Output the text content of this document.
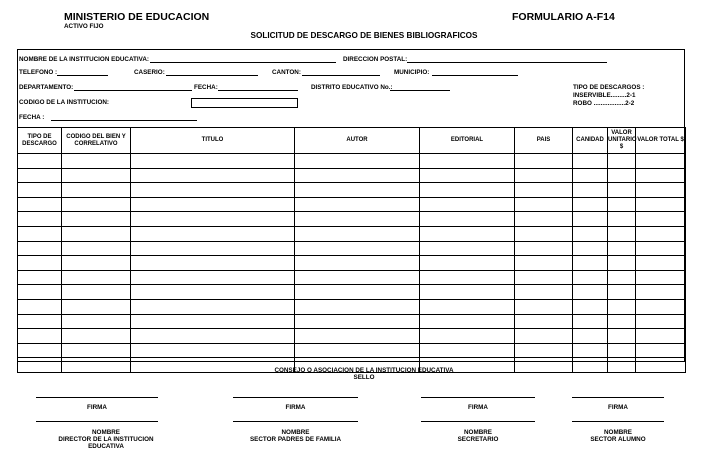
MINISTERIO DE EDUCACION
ACTIVO FIJO
FORMULARIO A-F14
SOLICITUD DE DESCARGO DE BIENES BIBLIOGRAFICOS
NOMBRE DE LA INSTITUCION EDUCATIVA:	DIRECCION POSTAL:
TELEFONO :	CASERIO:	CANTON:	MUNICIPIO:
DEPARTAMENTO:	FECHA:	DISTRITO EDUCATIVO No.:	TIPO DE DESCARGOS :
INSERVIBLE.........2-1
ROBO ..................2-2
CODIGO DE LA INSTITUCION:
FECHA :
TIPO DE DESCARGO	CODIGO DEL BIEN Y CORRELATIVO	TITULO	AUTOR	EDITORIAL	PAIS	CANIDAD	VALOR UNITARIO $	VALOR TOTAL $

CONSEJO O ASOCIACION DE LA INSTITUCION EDUCATIVA
SELLO
FIRMA
NOMBRE
DIRECTOR DE LA INSTITUCION
EDUCATIVA
FIRMA
NOMBRE
SECTOR PADRES DE FAMILIA
FIRMA
NOMBRE
SECRETARIO
FIRMA
NOMBRE
SECTOR ALUMNO
